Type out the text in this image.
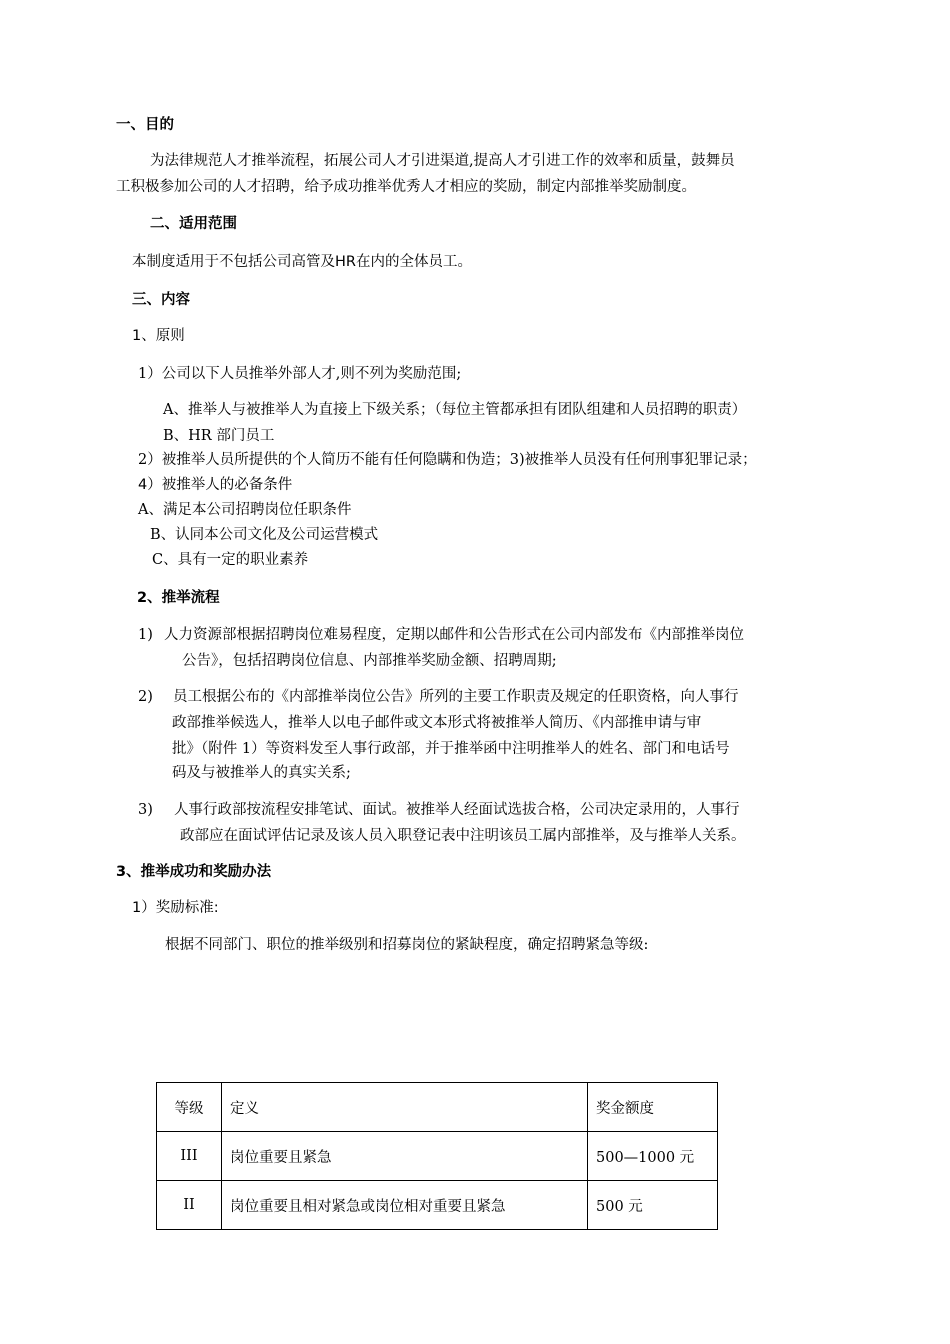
一、目的
为法律规范人才推举流程，拓展公司人才引进渠道,提高人才引进工作的效率和质量，鼓舞员
工积极参加公司的人才招聘，给予成功推举优秀人才相应的奖励，制定内部推举奖励制度。
二、适用范围
本制度适用于不包括公司高管及HR在内的全体员工。
三、内容
1、原则
1）公司以下人员推举外部人才,则不列为奖励范围;
A、推举人与被推举人为直接上下级关系；（每位主管都承担有团队组建和人员招聘的职责）
B、HR 部门员工
2）被推举人员所提供的个人简历不能有任何隐瞒和伪造；3)被推举人员没有任何刑事犯罪记录；
4）被推举人的必备条件
A、满足本公司招聘岗位任职条件
B、认同本公司文化及公司运营模式
C、具有一定的职业素养
2、推举流程
1) 人力资源部根据招聘岗位难易程度，定期以邮件和公告形式在公司内部发布《内部推举岗位
公告》，包括招聘岗位信息、内部推举奖励金额、招聘周期;
2) 员工根据公布的《内部推举岗位公告》所列的主要工作职责及规定的任职资格，向人事行
政部推举候选人，推举人以电子邮件或文本形式将被推举人简历、《内部推申请与审
批》（附件 1）等资料发至人事行政部，并于推举函中注明推举人的姓名、部门和电话号
码及与被推举人的真实关系;
3) 人事行政部按流程安排笔试、面试。被推举人经面试选拔合格，公司决定录用的，人事行
政部应在面试评估记录及该人员入职登记表中注明该员工属内部推举，及与推举人关系。
3、推举成功和奖励办法
1）奖励标准:
根据不同部门、职位的推举级别和招募岗位的紧缺程度，确定招聘紧急等级:
等级	定义	奖金额度
III	岗位重要且紧急	500—1000 元
II	岗位重要且相对紧急或岗位相对重要且紧急	500 元
